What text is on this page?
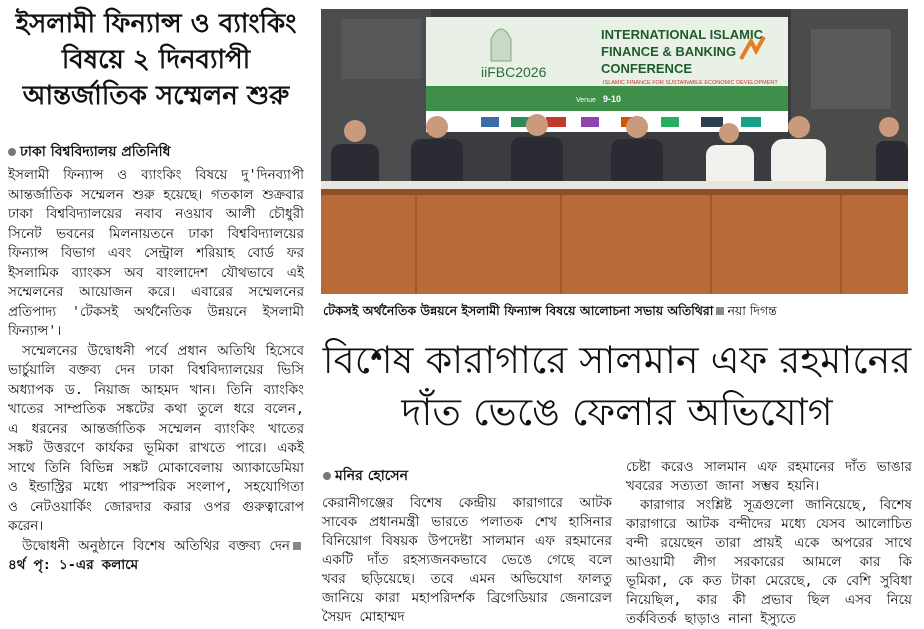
ইসলামী ফিন্যান্স ও ব্যাংকিং বিষয়ে ২ দিনব্যাপী আন্তর্জাতিক সম্মেলন শুরু
ঢাকা বিশ্ববিদ্যালয় প্রতিনিধি

ইসলামী ফিন্যান্স ও ব্যাংকিং বিষয়ে দু'দিনব্যাপী আন্তর্জাতিক সম্মেলন শুরু হয়েছে। গতকাল শুক্রবার ঢাকা বিশ্ববিদ্যালয়ের নবাব নওয়াব আলী চৌধুরী সিনেট ভবনের মিলনায়তনে ঢাকা বিশ্ববিদ্যালয়ের ফিন্যান্স বিভাগ এবং সেন্ট্রাল শরিয়াহ বোর্ড ফর ইসলামিক ব্যাংকস অব বাংলাদেশ যৌথভাবে এই সম্মেলনের আয়োজন করে। এবারের সম্মেলনের প্রতিপাদ্য 'টেকসই অর্থনৈতিক উন্নয়নে ইসলামী ফিন্যান্স'।

সম্মেলনের উদ্বোধনী পর্বে প্রধান অতিথি হিসেবে ভার্চুয়ালি বক্তব্য দেন ঢাকা বিশ্ববিদ্যালয়ের ভিসি অধ্যাপক ড. নিয়াজ আহমদ খান। তিনি ব্যাংকিং খাতের সাম্প্রতিক সঙ্কটের কথা তুলে ধরে বলেন, এ ধরনের আন্তর্জাতিক সম্মেলন ব্যাংকিং খাতের সঙ্কট উত্তরণে কার্যকর ভূমিকা রাখতে পারে। একই সাথে তিনি বিভিন্ন সঙ্কট মোকাবেলায় অ্যাকাডেমিয়া ও ইন্ডাস্ট্রির মধ্যে পারস্পরিক সংলাপ, সহযোগিতা ও নেটওয়ার্কিং জোরদার করার ওপর গুরুত্বারোপ করেন।

উদ্বোধনী অনুষ্ঠানে বিশেষ অতিথির বক্তব্য দেন৪র্থ পৃ: ১-এর কলামে

iiFBC2026
INTERNATIONAL ISLAMIC
FINANCE & BANKING
CONFERENCE
ISLAMIC FINANCE FOR SUSTAINABLE ECONOMIC DEVELOPMENT
Venue 9-10
টেকসই অর্থনৈতিক উন্নয়নে ইসলামী ফিন্যান্স বিষয়ে আলোচনা সভায় অতিথিরা নয়া দিগন্ত
বিশেষ কারাগারে সালমান এফ রহমানের
দাঁত ভেঙে ফেলার অভিযোগ
মনির হোসেন

কেরানীগঞ্জের বিশেষ কেন্দ্রীয় কারাগারে আটক সাবেক প্রধানমন্ত্রী ভারতে পলাতক শেখ হাসিনার বিনিয়োগ বিষয়ক উপদেষ্টা সালমান এফ রহমানের একটি দাঁত রহস্যজনকভাবে ভেঙে গেছে বলে খবর ছড়িয়েছে। তবে এমন অভিযোগ ফালতু জানিয়ে কারা মহাপরিদর্শক ব্রিগেডিয়ার জেনারেল সৈয়দ মোহাম্মদ

চেষ্টা করেও সালমান এফ রহমানের দাঁত ভাঙার খবরের সত্যতা জানা সম্ভব হয়নি।

কারাগার সংশ্লিষ্ট সূত্রগুলো জানিয়েছে, বিশেষ কারাগারে আটক বন্দীদের মধ্যে যেসব আলোচিত বন্দী রয়েছেন তারা প্রায়ই একে অপরের সাথে আওয়ামী লীগ সরকারের আমলে কার কি ভূমিকা, কে কত টাকা মেরেছে, কে বেশি সুবিধা নিয়েছিল, কার কী প্রভাব ছিল এসব নিয়ে তর্কবিতর্ক ছাড়াও নানা ইস্যুতে
